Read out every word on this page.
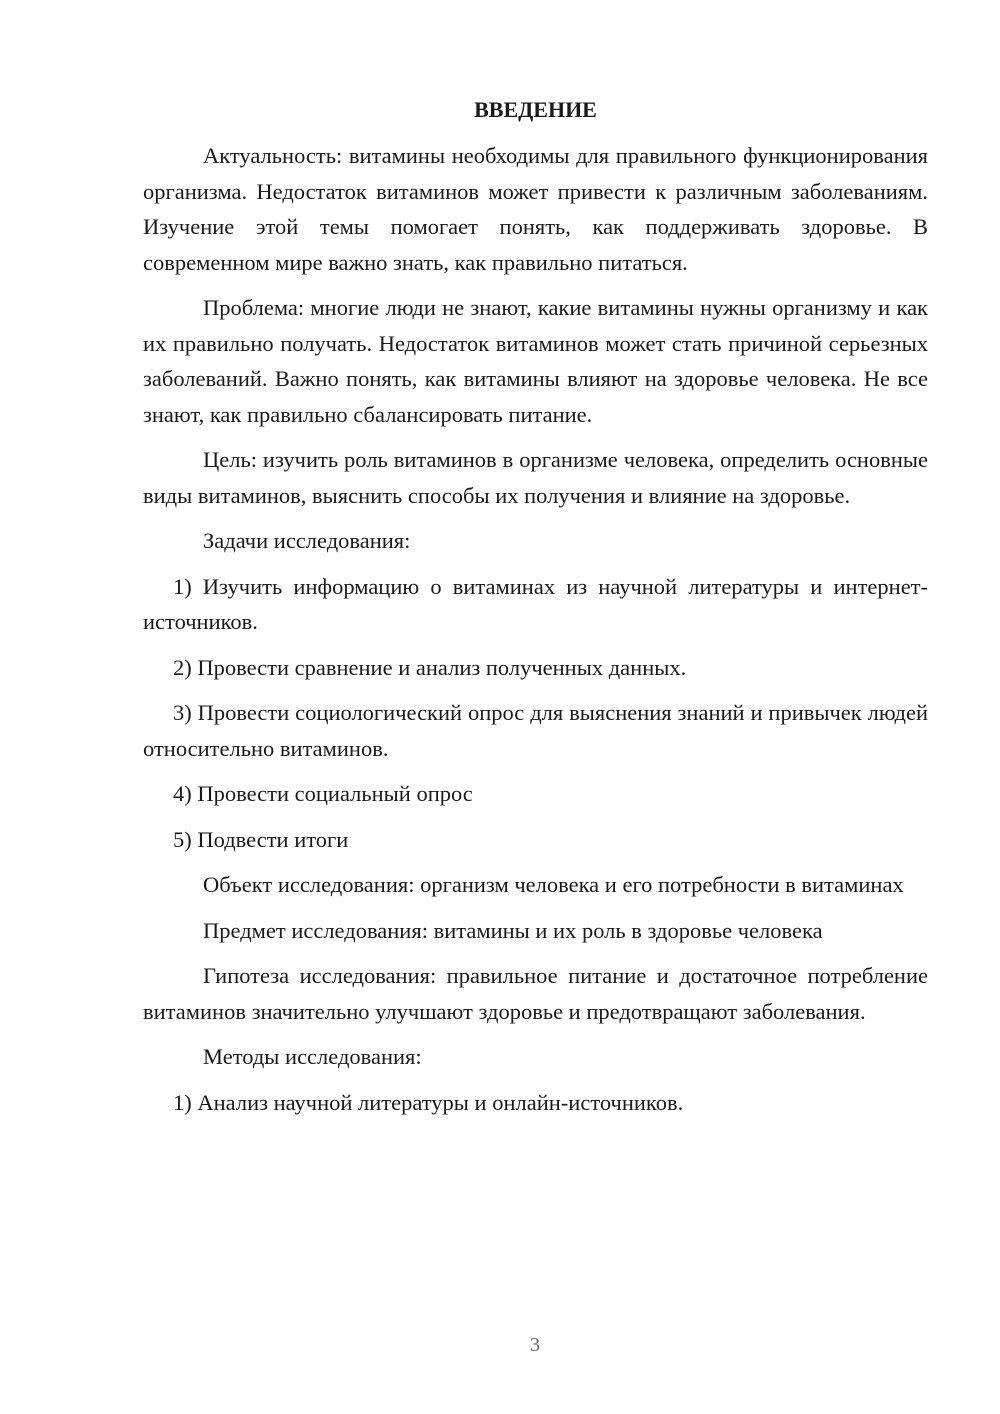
ВВЕДЕНИЕ

Актуальность: витамины необходимы для правильного функционирования организма. Недостаток витаминов может привести к различным заболеваниям. Изучение этой темы помогает понять, как поддерживать здоровье. В современном мире важно знать, как правильно питаться.

Проблема: многие люди не знают, какие витамины нужны организму и как их правильно получать. Недостаток витаминов может стать причиной серьезных заболеваний. Важно понять, как витамины влияют на здоровье человека. Не все знают, как правильно сбалансировать питание.

Цель: изучить роль витаминов в организме человека, определить основные виды витаминов, выяснить способы их получения и влияние на здоровье.

Задачи исследования:

1) Изучить информацию о витаминах из научной литературы и интернет-источников.

2) Провести сравнение и анализ полученных данных.

3) Провести социологический опрос для выяснения знаний и привычек людей относительно витаминов.

4) Провести социальный опрос

5) Подвести итоги

Объект исследования: организм человека и его потребности в витаминах

Предмет исследования: витамины и их роль в здоровье человека

Гипотеза исследования: правильное питание и достаточное потребление витаминов значительно улучшают здоровье и предотвращают заболевания.

Методы исследования:

1) Анализ научной литературы и онлайн-источников.

3
